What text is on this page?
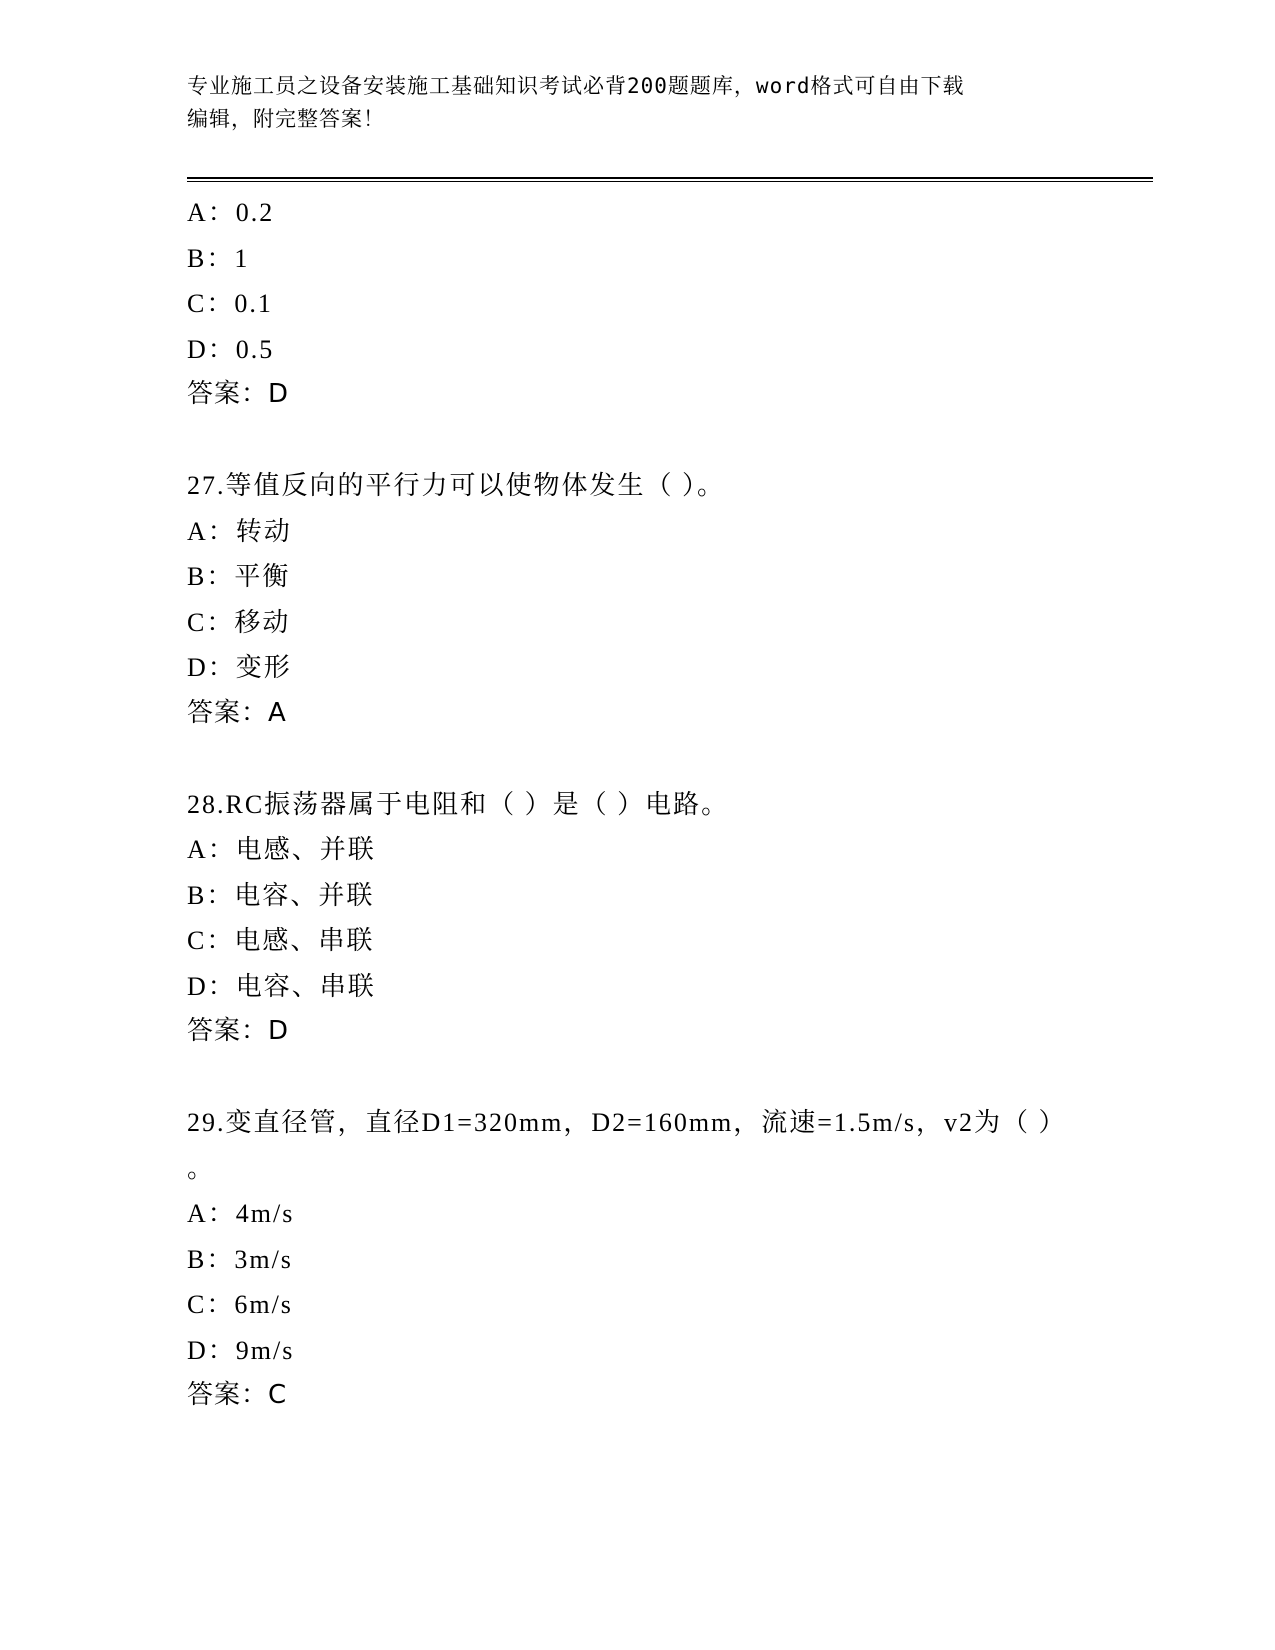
专业施工员之设备安装施工基础知识考试必背200题题库，word格式可自由下载
编辑，附完整答案！
A：0.2
B：1
C：0.1
D：0.5
答案：D
27.等值反向的平行力可以使物体发生（ ）。
A：转动
B：平衡
C：移动
D：变形
答案：A
28.RC振荡器属于电阻和（ ）是（ ）电路。
A：电感、并联
B：电容、并联
C：电感、串联
D：电容、串联
答案：D
29.变直径管，直径D1=320mm，D2=160mm，流速=1.5m/s，v2为（ ）
。
A：4m/s
B：3m/s
C：6m/s
D：9m/s
答案：C
